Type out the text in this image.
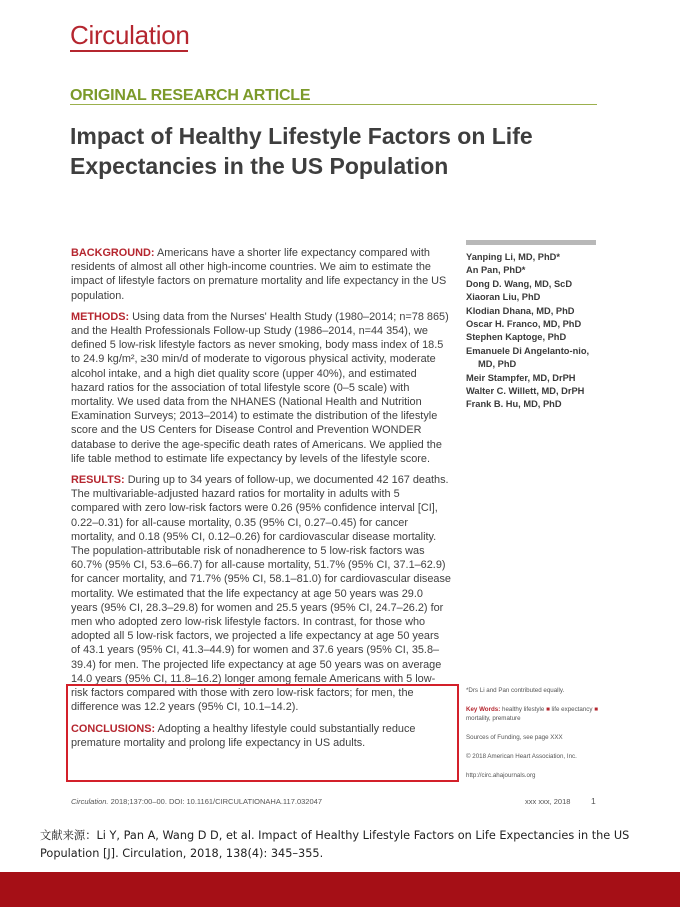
Circulation
ORIGINAL RESEARCH ARTICLE
Impact of Healthy Lifestyle Factors on Life Expectancies in the US Population

BACKGROUND: Americans have a shorter life expectancy compared with residents of almost all other high-income countries. We aim to estimate the impact of lifestyle factors on premature mortality and life expectancy in the US population.

METHODS: Using data from the Nurses' Health Study (1980–2014; n=78 865) and the Health Professionals Follow-up Study (1986–2014, n=44 354), we defined 5 low-risk lifestyle factors as never smoking, body mass index of 18.5 to 24.9 kg/m², ≥30 min/d of moderate to vigorous physical activity, moderate alcohol intake, and a high diet quality score (upper 40%), and estimated hazard ratios for the association of total lifestyle score (0–5 scale) with mortality. We used data from the NHANES (National Health and Nutrition Examination Surveys; 2013–2014) to estimate the distribution of the lifestyle score and the US Centers for Disease Control and Prevention WONDER database to derive the age-specific death rates of Americans. We applied the life table method to estimate life expectancy by levels of the lifestyle score.

RESULTS: During up to 34 years of follow-up, we documented 42 167 deaths. The multivariable-adjusted hazard ratios for mortality in adults with 5 compared with zero low-risk factors were 0.26 (95% confidence interval [CI], 0.22–0.31) for all-cause mortality, 0.35 (95% CI, 0.27–0.45) for cancer mortality, and 0.18 (95% CI, 0.12–0.26) for cardiovascular disease mortality. The population-attributable risk of nonadherence to 5 low-risk factors was 60.7% (95% CI, 53.6–66.7) for all-cause mortality, 51.7% (95% CI, 37.1–62.9) for cancer mortality, and 71.7% (95% CI, 58.1–81.0) for cardiovascular disease mortality. We estimated that the life expectancy at age 50 years was 29.0 years (95% CI, 28.3–29.8) for women and 25.5 years (95% CI, 24.7–26.2) for men who adopted zero low-risk lifestyle factors. In contrast, for those who adopted all 5 low-risk factors, we projected a life expectancy at age 50 years of 43.1 years (95% CI, 41.3–44.9) for women and 37.6 years (95% CI, 35.8–39.4) for men. The projected life expectancy at age 50 years was on average 14.0 years (95% CI, 11.8–16.2) longer among female Americans with 5 low-risk factors compared with those with zero low-risk factors; for men, the difference was 12.2 years (95% CI, 10.1–14.2).

CONCLUSIONS: Adopting a healthy lifestyle could substantially reduce premature mortality and prolong life expectancy in US adults.

Yanping Li, MD, PhD*
An Pan, PhD*
Dong D. Wang, MD, ScD
Xiaoran Liu, PhD
Klodian Dhana, MD, PhD
Oscar H. Franco, MD, PhD
Stephen Kaptoge, PhD
Emanuele Di Angelanto-nio, MD, PhD
Meir Stampfer, MD, DrPH
Walter C. Willett, MD, DrPH
Frank B. Hu, MD, PhD
*Drs Li and Pan contributed equally.
Key Words: healthy lifestyle ■ life expectancy ■ mortality, premature
Sources of Funding, see page XXX
© 2018 American Heart Association, Inc.
http://circ.ahajournals.org
Circulation. 2018;137:00–00. DOI: 10.1161/CIRCULATIONAHA.117.032047	xxx xxx, 2018 1
文献来源：Li Y, Pan A, Wang D D, et al. Impact of Healthy Lifestyle Factors on Life Expectancies in the US Population [J]. Circulation, 2018, 138(4): 345–355.
